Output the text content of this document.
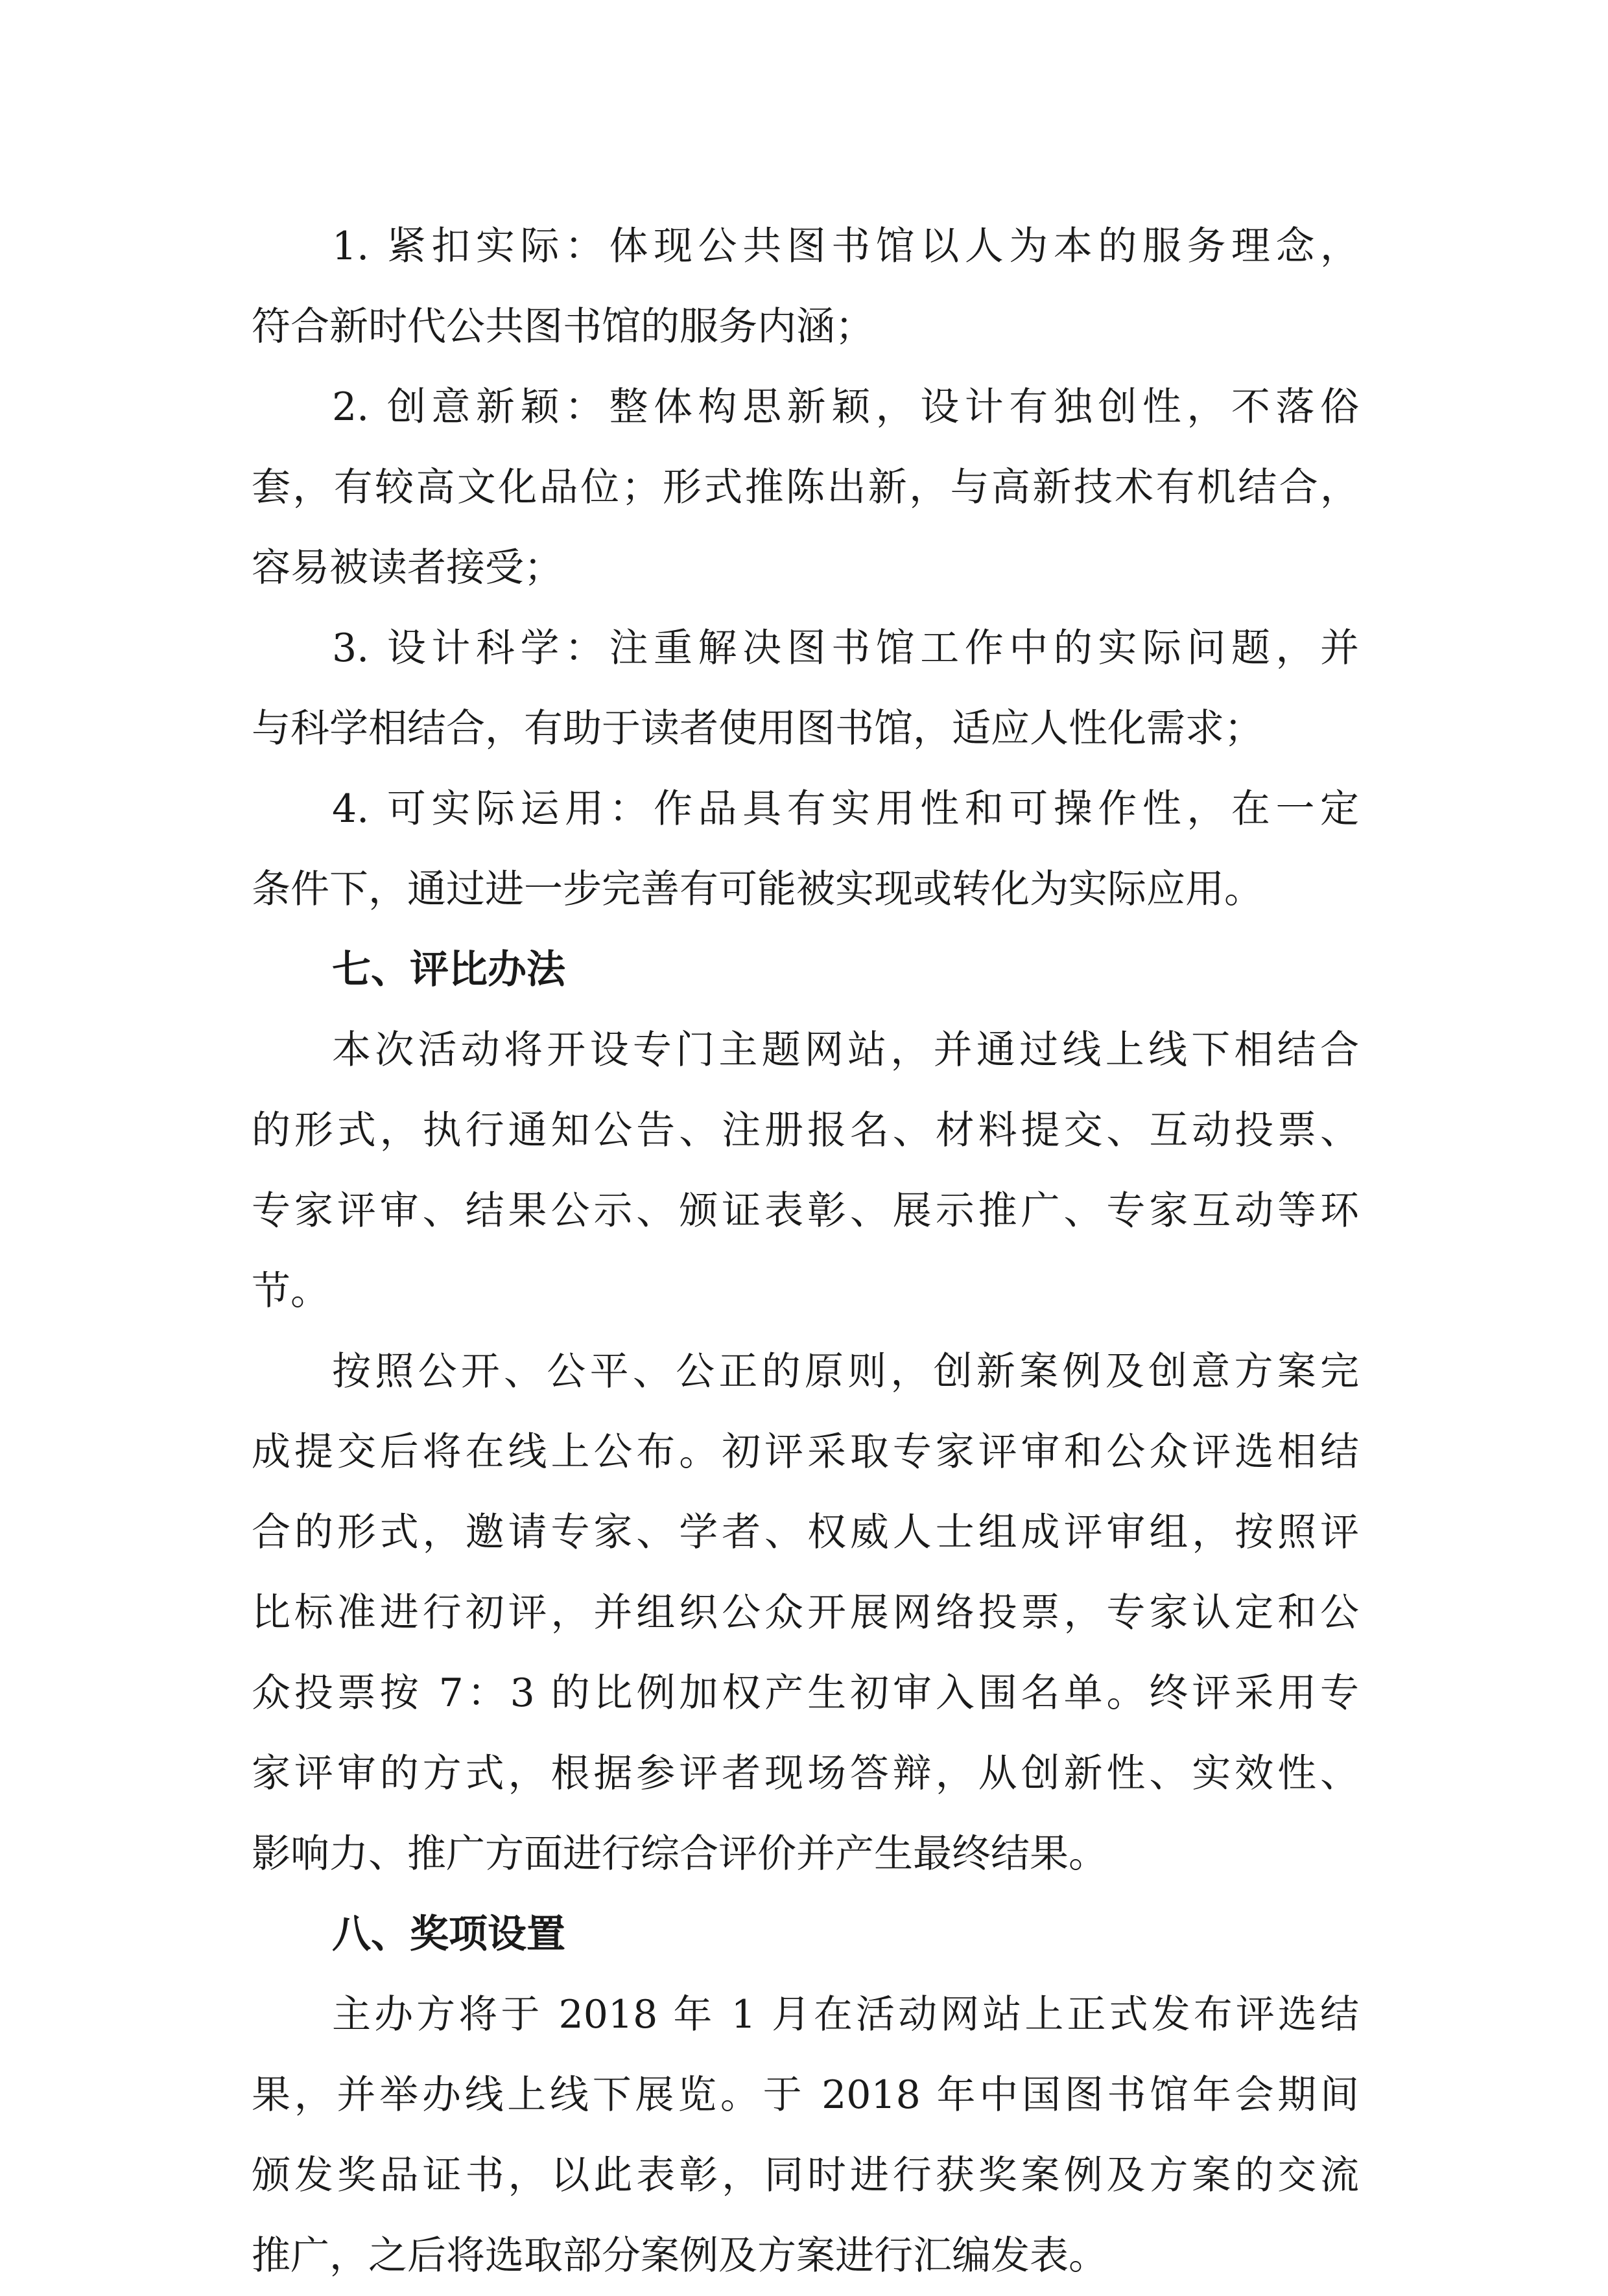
1. 紧扣实际：体现公共图书馆以人为本的服务理念，
符合新时代公共图书馆的服务内涵；
2. 创意新颖：整体构思新颖，设计有独创性，不落俗
套，有较高文化品位；形式推陈出新，与高新技术有机结合，
容易被读者接受；
3. 设计科学：注重解决图书馆工作中的实际问题，并
与科学相结合，有助于读者使用图书馆，适应人性化需求；
4. 可实际运用：作品具有实用性和可操作性，在一定
条件下，通过进一步完善有可能被实现或转化为实际应用。
七、评比办法
本次活动将开设专门主题网站，并通过线上线下相结合
的形式，执行通知公告、注册报名、材料提交、互动投票、
专家评审、结果公示、颁证表彰、展示推广、专家互动等环
节。
按照公开、公平、公正的原则，创新案例及创意方案完
成提交后将在线上公布。初评采取专家评审和公众评选相结
合的形式，邀请专家、学者、权威人士组成评审组，按照评
比标准进行初评，并组织公众开展网络投票，专家认定和公
众投票按 7：3 的比例加权产生初审入围名单。终评采用专
家评审的方式，根据参评者现场答辩，从创新性、实效性、
影响力、推广方面进行综合评价并产生最终结果。
八、奖项设置
主办方将于 2018 年 1 月在活动网站上正式发布评选结
果，并举办线上线下展览。于 2018 年中国图书馆年会期间
颁发奖品证书，以此表彰，同时进行获奖案例及方案的交流
推广，之后将选取部分案例及方案进行汇编发表。
